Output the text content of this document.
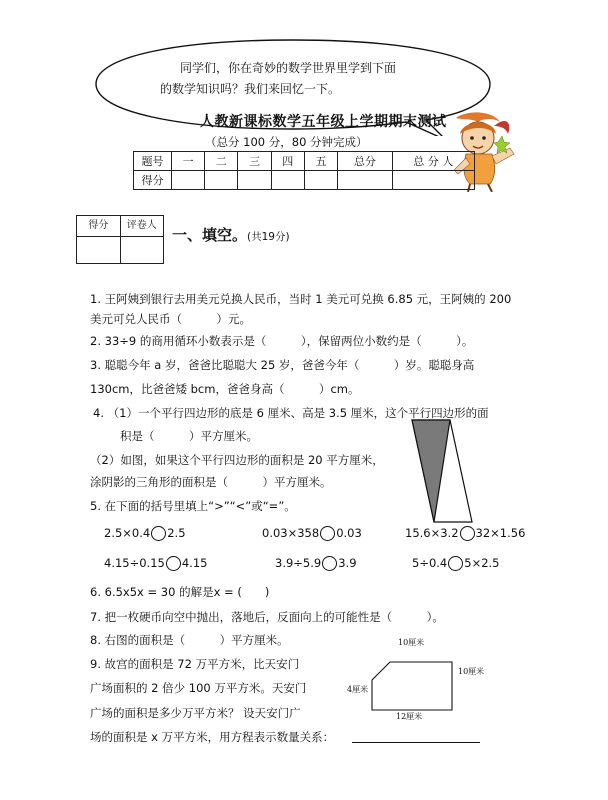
同学们，你在奇妙的数学世界里学到下面
的数学知识吗？我们来回忆一下。
人教新课标数学五年级上学期期末测试
（总分 100 分，80 分钟完成）
题号	一	二	三	四	五	总分	总 分 人
得分							
得分	评卷人

一、填空。(共19分)
1. 王阿姨到银行去用美元兑换人民币，当时 1 美元可兑换 6.85 元，王阿姨的 200
美元可兑人民币（　　　）元。
2. 33÷9 的商用循环小数表示是（　　　），保留两位小数约是（　　　）。
3. 聪聪今年 a 岁，爸爸比聪聪大 25 岁，爸爸今年（　　　）岁。聪聪身高
130cm，比爸爸矮 bcm，爸爸身高（　　　）cm。
4. （1）一个平行四边形的底是 6 厘米、高是 3.5 厘米，这个平行四边形的面
积是（　　　）平方厘米。
（2）如图，如果这个平行四边形的面积是 20 平方厘米，
涂阴影的三角形的面积是（　　　）平方厘米。
5. 在下面的括号里填上“>”“<”或“=”。
2.5×0.4 2.5	0.03×358 0.03	15.6×3.2 32×1.56
4.15÷0.15 4.15	3.9÷5.9 3.9	5÷0.4 5×2.5
6. 6.5x5x = 30 的解是x = (　　)
7. 把一枚硬币向空中抛出，落地后，反面向上的可能性是（　　　）。
8. 右图的面积是（　　　）平方厘米。
9. 故宫的面积是 72 万平方米，比天安门
广场面积的 2 倍少 100 万平方米。天安门
广场的面积是多少万平方米？ 设天安门广
场的面积是 x 万平方米，用方程表示数量关系：
10厘米
10厘米
4厘米
12厘米
